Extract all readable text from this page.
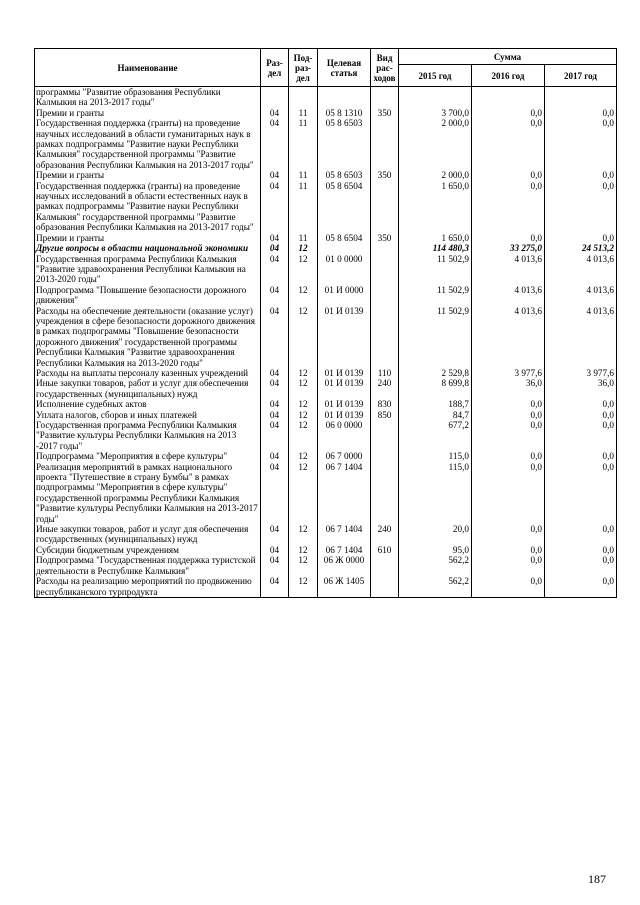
Наименование	Раз-дел	Под-раз-дел	Целевая статья	Вид рас-ходов	Сумма		
					2015 год	2016 год	2017 год
программы "Развитие образования Республики Калмыкия на 2013-2017 годы"							
Премии и гранты	04	11	05 8 1310	350	3 700,0	0,0	0,0
Государственная поддержка (гранты) на проведение научных исследований в области гуманитарных наук в рамках подпрограммы "Развитие науки Республики Калмыкия" государственной программы "Развитие образования Республики Калмыкия на 2013-2017 годы"	04	11	05 8 6503		2 000,0	0,0	0,0
Премии и гранты	04	11	05 8 6503	350	2 000,0	0,0	0,0
Государственная поддержка (гранты) на проведение научных исследований в области естественных наук в рамках подпрограммы "Развитие науки Республики Калмыкия" государственной программы "Развитие образования Республики Калмыкия на 2013-2017 годы"	04	11	05 8 6504		1 650,0	0,0	0,0
Премии и гранты	04	11	05 8 6504	350	1 650,0	0,0	0,0
Другие вопросы в области национальной экономики	04	12			114 480,3	33 275,0	24 513,2
Государственная программа Республики Калмыкия "Развитие здравоохранения Республики Калмыкия на 2013-2020 годы"	04	12	01 0 0000		11 502,9	4 013,6	4 013,6
Подпрограмма "Повышение безопасности дорожного движения"	04	12	01 И 0000		11 502,9	4 013,6	4 013,6
Расходы на обеспечение деятельности (оказание услуг) учреждения в сфере безопасности дорожного движения в рамках подпрограммы "Повышение безопасности дорожного движения" государственной программы Республики Калмыкия "Развитие здравоохранения Республики Калмыкия на 2013-2020 годы"	04	12	01 И 0139		11 502,9	4 013,6	4 013,6
Расходы на выплаты персоналу казенных учреждений	04	12	01 И 0139	110	2 529,8	3 977,6	3 977,6
Иные закупки товаров, работ и услуг для обеспечения государственных (муниципальных) нужд	04	12	01 И 0139	240	8 699,8	36,0	36,0
Исполнение судебных актов	04	12	01 И 0139	830	188,7	0,0	0,0
Уплата налогов, сборов и иных платежей	04	12	01 И 0139	850	84,7	0,0	0,0
Государственная программа Республики Калмыкия "Развитие культуры Республики Калмыкия на 2013 -2017 годы"	04	12	06 0 0000		677,2	0,0	0,0
Подпрограмма "Мероприятия в сфере культуры"	04	12	06 7 0000		115,0	0,0	0,0
Реализация мероприятий в рамках национального проекта "Путешествие в страну Бумбы" в рамках подпрограммы "Мероприятия в сфере культуры" государственной программы Республики Калмыкия "Развитие культуры Республики Калмыкия на 2013-2017 годы"	04	12	06 7 1404		115,0	0,0	0,0
Иные закупки товаров, работ и услуг для обеспечения государственных (муниципальных) нужд	04	12	06 7 1404	240	20,0	0,0	0,0
Субсидии бюджетным учреждениям	04	12	06 7 1404	610	95,0	0,0	0,0
Подпрограмма "Государственная поддержка туристской деятельности в Республике Калмыкия"	04	12	06 Ж 0000		562,2	0,0	0,0
Расходы на реализацию мероприятий по продвижению республиканского турпродукта	04	12	06 Ж 1405		562,2	0,0	0,0
187
